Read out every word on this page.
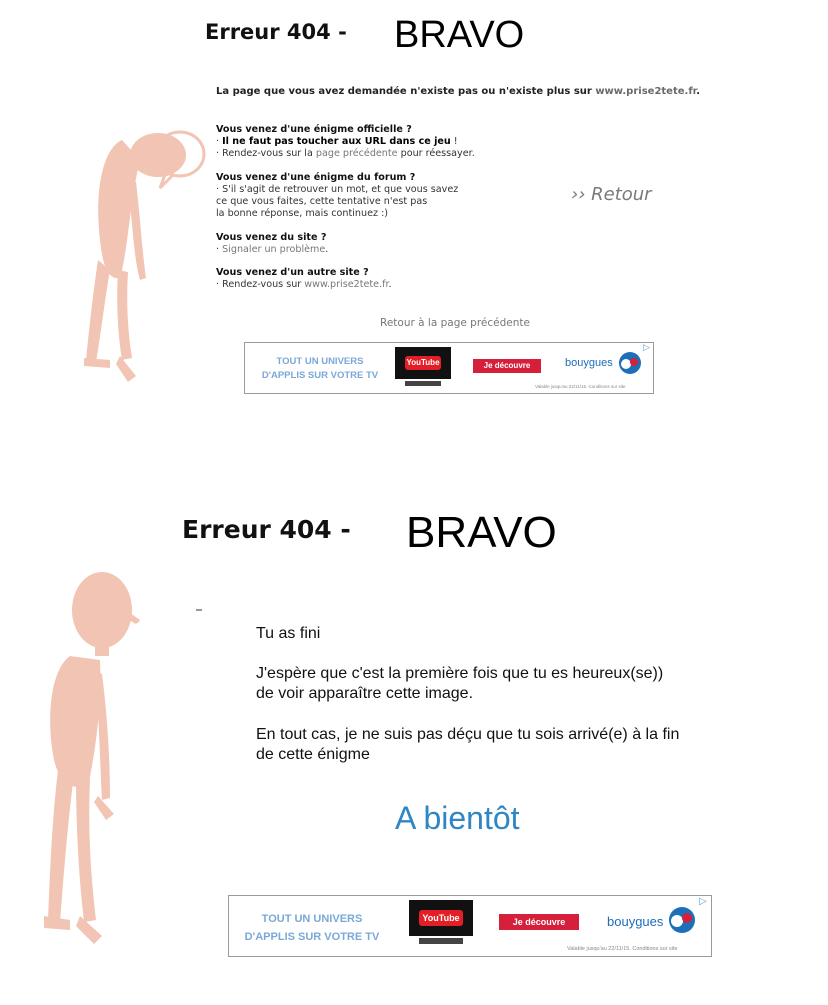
Erreur 404 - BRAVO
La page que vous avez demandée n'existe pas ou n'existe plus sur www.prise2tete.fr.
Vous venez d'une énigme officielle ?
· Il ne faut pas toucher aux URL dans ce jeu !
· Rendez-vous sur la page précédente pour réessayer.
Vous venez d'une énigme du forum ?
· S'il s'agit de retrouver un mot, et que vous savez
ce que vous faites, cette tentative n'est pas
la bonne réponse, mais continuez :)
Vous venez du site ?
· Signaler un problème.
Vous venez d'un autre site ?
· Rendez-vous sur www.prise2tete.fr.
›› Retour
Retour à la page précédente
TOUT UN UNIVERS
D'APPLIS SUR VOTRE TV
YouTube	Je découvre	bouygues
Valable jusqu'au 22/11/15. Conditions sur site
▷
Erreur 404 - BRAVO
Tu as fini
J'espère que c'est la première fois que tu es heureux(se))
de voir apparaître cette image.
En tout cas, je ne suis pas déçu que tu sois arrivé(e) à la fin
de cette énigme
A bientôt
TOUT UN UNIVERS
D'APPLIS SUR VOTRE TV
YouTube	Je découvre	bouygues
Valable jusqu'au 22/11/15. Conditions sur site
▷
